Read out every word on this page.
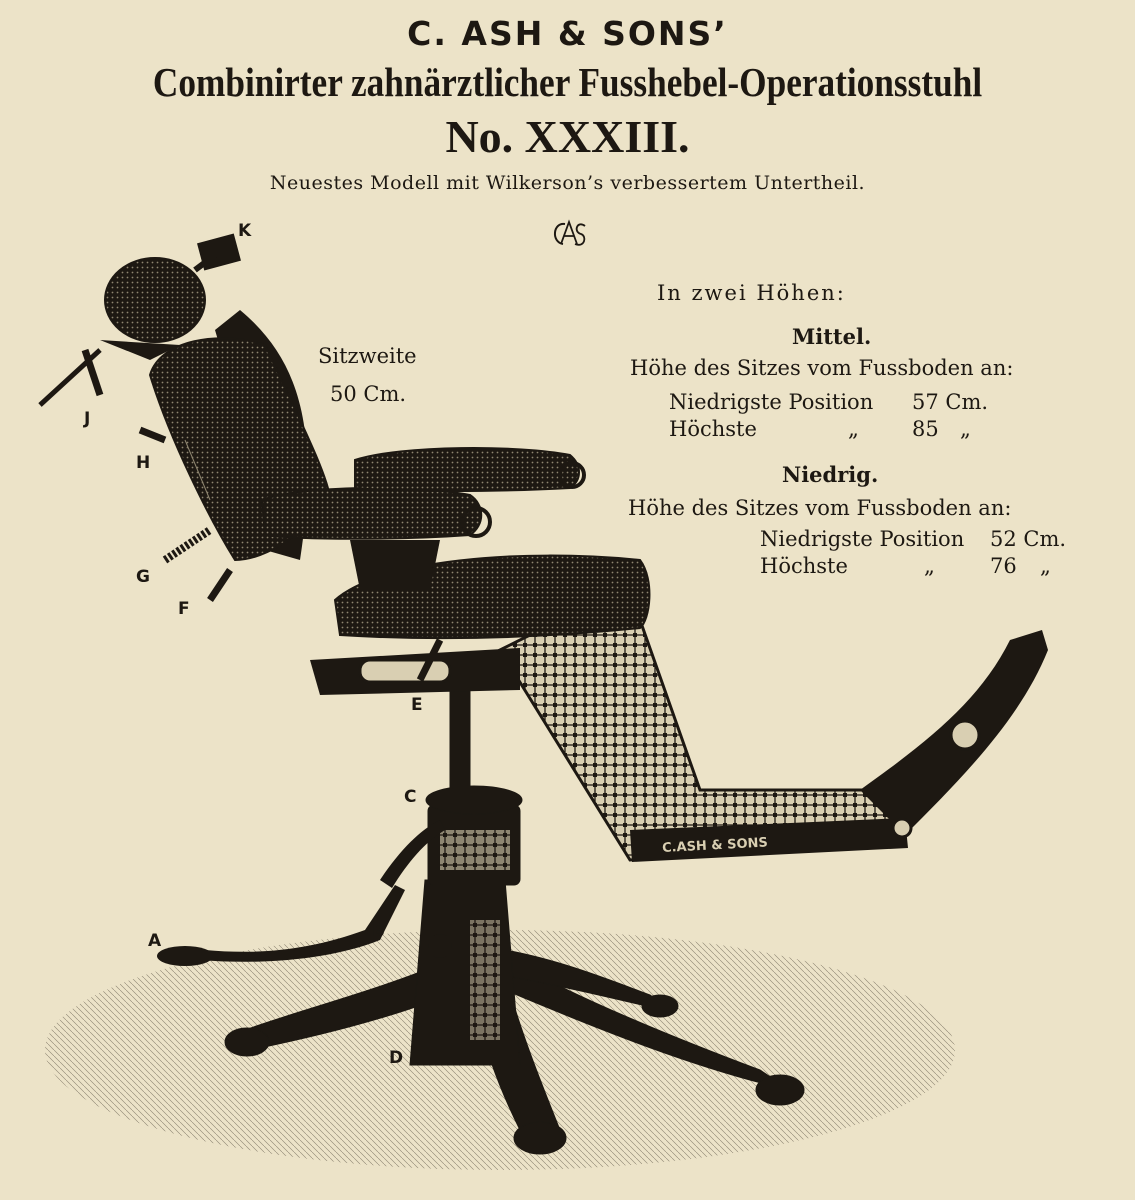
C. ASH & SONS’
Combinirter zahnärztlicher Fusshebel-Operationsstuhl
No. XXXIII.
Neuestes Modell mit Wilkerson’s verbessertem Untertheil.
Sitzweite
50 Cm.
In zwei Höhen:
Mittel.
Höhe des Sitzes vom Fussboden an:
Niedrigste Position 57 Cm.
Höchste	„	85 „
Niedrig.
Höhe des Sitzes vom Fussboden an:
Niedrigste Position 52 Cm.
Höchste	„	76 „
C.ASH & SONS
A	B
C
D
E
F
G
H
J
K
